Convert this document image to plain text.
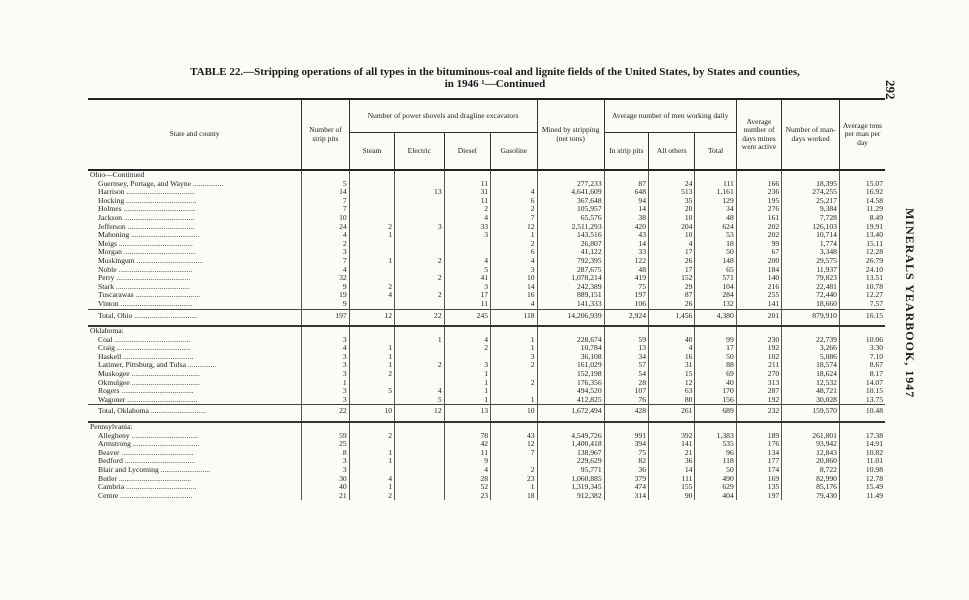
TABLE 22.—Stripping operations of all types in the bituminous-coal and lignite fields of the United States, by States and counties,
in 1946 ¹—Continued	292
MINERALS YEARBOOK, 1947
State and county	Number of strip pits	Number of power shovels and dragline excavators				Mined by stripping (net tons)	Average number of men working daily			Average number of days mines were active	Number of man-days worked	Average tons per man per day
		Steam	Electric	Diesel	Gasoline		In strip pits	All others	Total			
Ohio—Continued												
Guernsey, Portage, and Wayne ................	5			11		277,233	87	24	111	166	18,395	15.07
Harrison ....................................	14		13	31	4	4,641,609	648	513	1,161	236	274,255	16.92
Hocking .....................................	7			11	6	367,648	94	35	129	195	25,217	14.58
Holmes ......................................	7			2	2	105,957	14	20	34	276	9,384	11.29
Jackson .....................................	10			4	7	65,576	38	10	48	161	7,728	8.49
Jefferson ...................................	24	2	3	33	12	2,511,293	420	204	624	202	126,103	19.91
Mahoning ....................................	4	1		3	1	143,516	43	10	53	202	10,714	13.40
Meigs .......................................	2				2	26,807	14	4	18	99	1,774	15.11
Morgan ......................................	3				6	41,122	33	17	50	67	3,348	12.28
Muskingum ...................................	7	1	2	4	4	792,395	122	26	148	200	29,575	26.79
Noble .......................................	4			5	3	287,675	48	17	65	184	11,937	24.10
Perry .......................................	32		2	41	10	1,078,214	419	152	571	140	79,823	13.51
Stark .......................................	9	2		3	14	242,389	75	29	104	216	22,481	10.78
Tuscarawas ..................................	19	4	2	17	16	889,151	197	87	284	255	72,440	12.27
Vinton ......................................	9			11	4	141,333	106	26	132	141	18,660	7.57
Total, Ohio .................................	197	12	22	245	118	14,206,939	2,924	1,456	4,380	201	879,910	16.15

Oklahoma:												
Coal ........................................	3		1	4	1	228,674	59	40	99	230	22,739	10.06
Craig .......................................	4	1		2	1	10,784	13	4	17	192	3,266	3.30
Haskell .....................................	3	1			3	36,108	34	16	50	102	5,086	7.10
Latimer, Pittsburg, and Tulsa ...............	3	1	2	3	2	161,029	57	31	88	211	18,574	8.67
Muskogee ....................................	3	2		1		152,198	54	15	69	270	18,624	8.17
Okmulgee ....................................	1			1	2	176,356	28	12	40	313	12,532	14.07
Rogers ......................................	3	5	4	1		494,520	107	63	170	287	48,721	10.15
Wagoner .....................................	3		5	1	1	412,825	76	80	156	192	30,028	13.75
Total, Oklahoma .............................	22	10	12	13	10	1,672,494	428	261	689	232	159,570	10.48

Pennsylvania:												
Allegheny ...................................	59	2		78	43	4,549,726	991	392	1,383	189	261,801	17.38
Armstrong ...................................	25			42	12	1,400,418	394	141	535	176	93,942	14.91
Beaver ......................................	8	1		11	7	138,967	75	21	96	134	12,843	10.82
Bedford .....................................	3	1		9		229,629	82	36	118	177	20,860	11.01
Blair and Lycoming ..........................	3			4	2	95,771	36	14	50	174	8,722	10.98
Butler ......................................	30	4		28	23	1,060,885	379	111	490	169	82,990	12.78
Cambria .....................................	40	1		52	1	1,319,345	474	155	629	135	85,176	15.49
Centre ......................................	21	2		23	18	912,382	314	90	404	197	79,430	11.49
